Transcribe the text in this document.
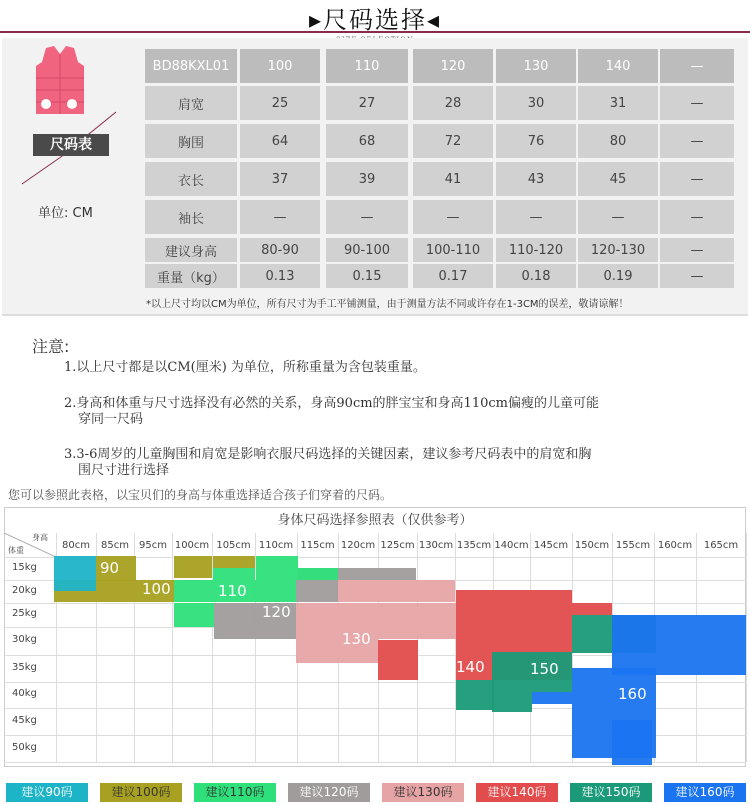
▸尺码选择◂
尺码表
单位: CM
BD88KXL01	100	110	120	130	140	—
肩宽	25	27	28	30	31	—
胸围	64	68	72	76	80	—
衣长	37	39	41	43	45	—
袖长	—	—	—	—	—	—
建议身高	80-90	90-100	100-110	110-120	120-130	—
重量（kg）	0.13	0.15	0.17	0.18	0.19	—
*以上尺寸均以CM为单位，所有尺寸为手工平铺测量，由于测量方法不同或许存在1-3CM的误差，敬请谅解！
注意:
1.以上尺寸都是以CM(厘米) 为单位，所称重量为含包装重量。
2.身高和体重与尺寸选择没有必然的关系，身高90cm的胖宝宝和身高110cm偏瘦的儿童可能
穿同一尺码
3.3-6周岁的儿童胸围和肩宽是影响衣服尺码选择的关键因素，建议参考尺码表中的肩宽和胸
围尺寸进行选择
您可以参照此表格，以宝贝们的身高与体重选择适合孩子们穿着的尺码。
身体尺码选择参照表（仅供参考）
身高
体重	80cm	85cm	95cm 100cm 105cm 110cm 115cm 120cm 125cm 130cm 135cm 140cm 145cm 150cm 155cm 160cm	165cm
15kg
20kg
25kg
30kg
35kg
40kg
45kg
50kg
90
100	110
120
130
140	150
160
建议90码	建议100码	建议110码	建议120码	建议130码	建议140码	建议150码	建议160码
